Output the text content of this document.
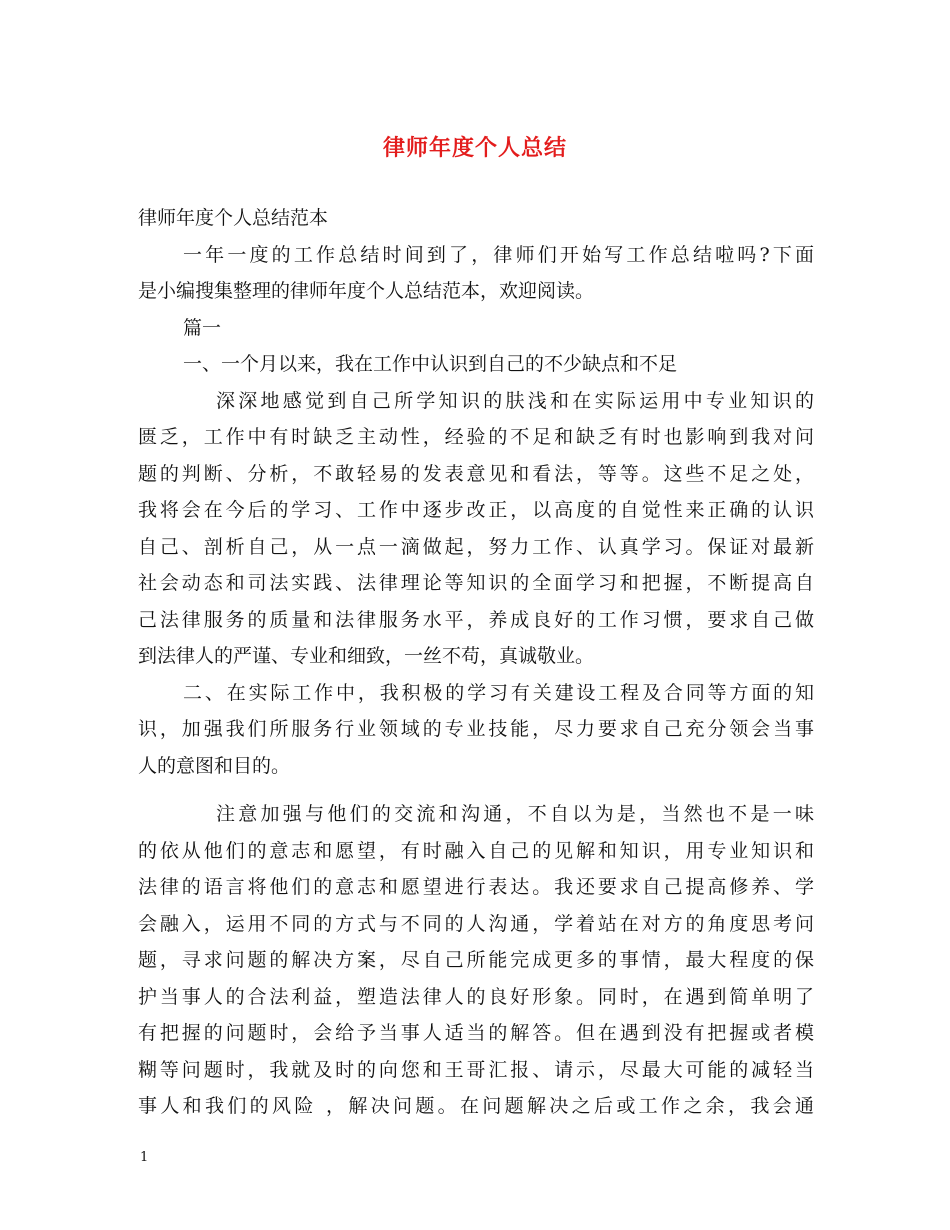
律师年度个人总结
律师年度个人总结范本
一年一度的工作总结时间到了，律师们开始写工作总结啦吗?下面
是小编搜集整理的律师年度个人总结范本，欢迎阅读。
篇一
一、一个月以来，我在工作中认识到自己的不少缺点和不足
深深地感觉到自己所学知识的肤浅和在实际运用中专业知识的
匮乏，工作中有时缺乏主动性，经验的不足和缺乏有时也影响到我对问
题的判断、分析，不敢轻易的发表意见和看法，等等。这些不足之处，
我将会在今后的学习、工作中逐步改正，以高度的自觉性来正确的认识
自己、剖析自己，从一点一滴做起，努力工作、认真学习。保证对最新
社会动态和司法实践、法律理论等知识的全面学习和把握，不断提高自
己法律服务的质量和法律服务水平，养成良好的工作习惯，要求自己做
到法律人的严谨、专业和细致，一丝不苟，真诚敬业。
二、在实际工作中，我积极的学习有关建设工程及合同等方面的知
识，加强我们所服务行业领域的专业技能，尽力要求自己充分领会当事
人的意图和目的。
注意加强与他们的交流和沟通，不自以为是，当然也不是一味
的依从他们的意志和愿望，有时融入自己的见解和知识，用专业知识和
法律的语言将他们的意志和愿望进行表达。我还要求自己提高修养、学
会融入，运用不同的方式与不同的人沟通，学着站在对方的角度思考问
题，寻求问题的解决方案，尽自己所能完成更多的事情，最大程度的保
护当事人的合法利益，塑造法律人的良好形象。同时，在遇到简单明了
有把握的问题时，会给予当事人适当的解答。但在遇到没有把握或者模
糊等问题时，我就及时的向您和王哥汇报、请示，尽最大可能的减轻当
事人和我们的风险 ，解决问题。在问题解决之后或工作之余，我会通
1
